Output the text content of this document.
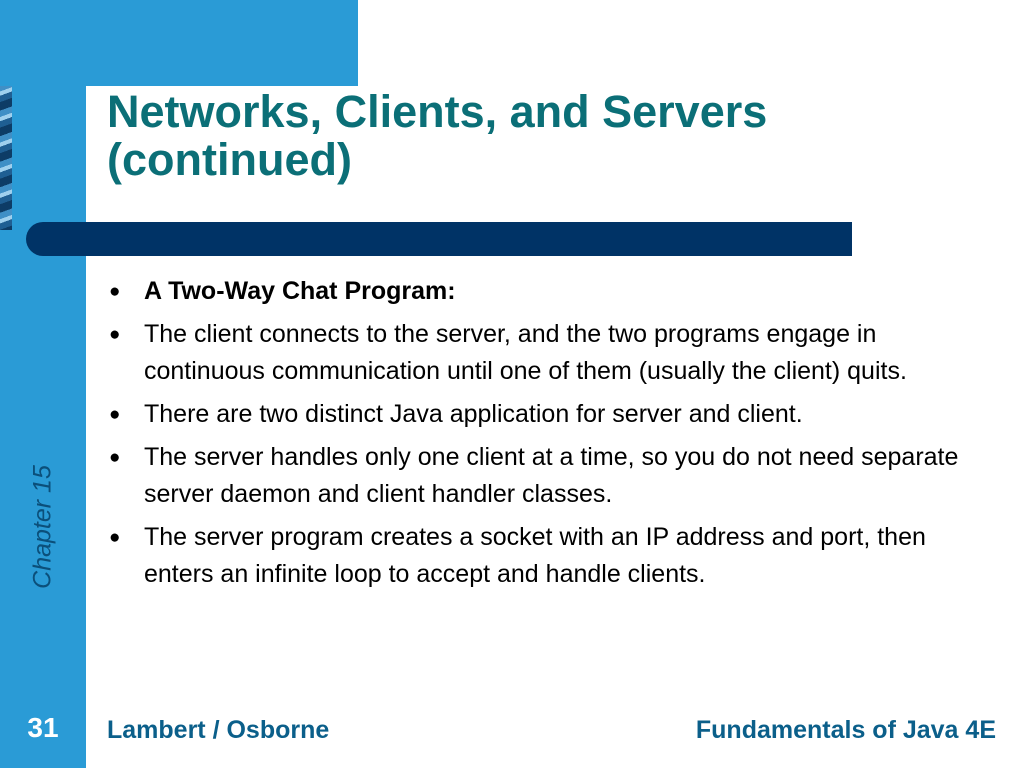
Networks, Clients, and Servers
(continued)
● A Two-Way Chat Program:
● The client connects to the server, and the two programs engage in continuous communication until one of them (usually the client) quits.
● There are two distinct Java application for server and client.
● The server handles only one client at a time, so you do not need separate server daemon and client handler classes.
● The server program creates a socket with an IP address and port, then enters an infinite loop to accept and handle clients.
Chapter 15
31	Lambert / Osborne	Fundamentals of Java 4E
